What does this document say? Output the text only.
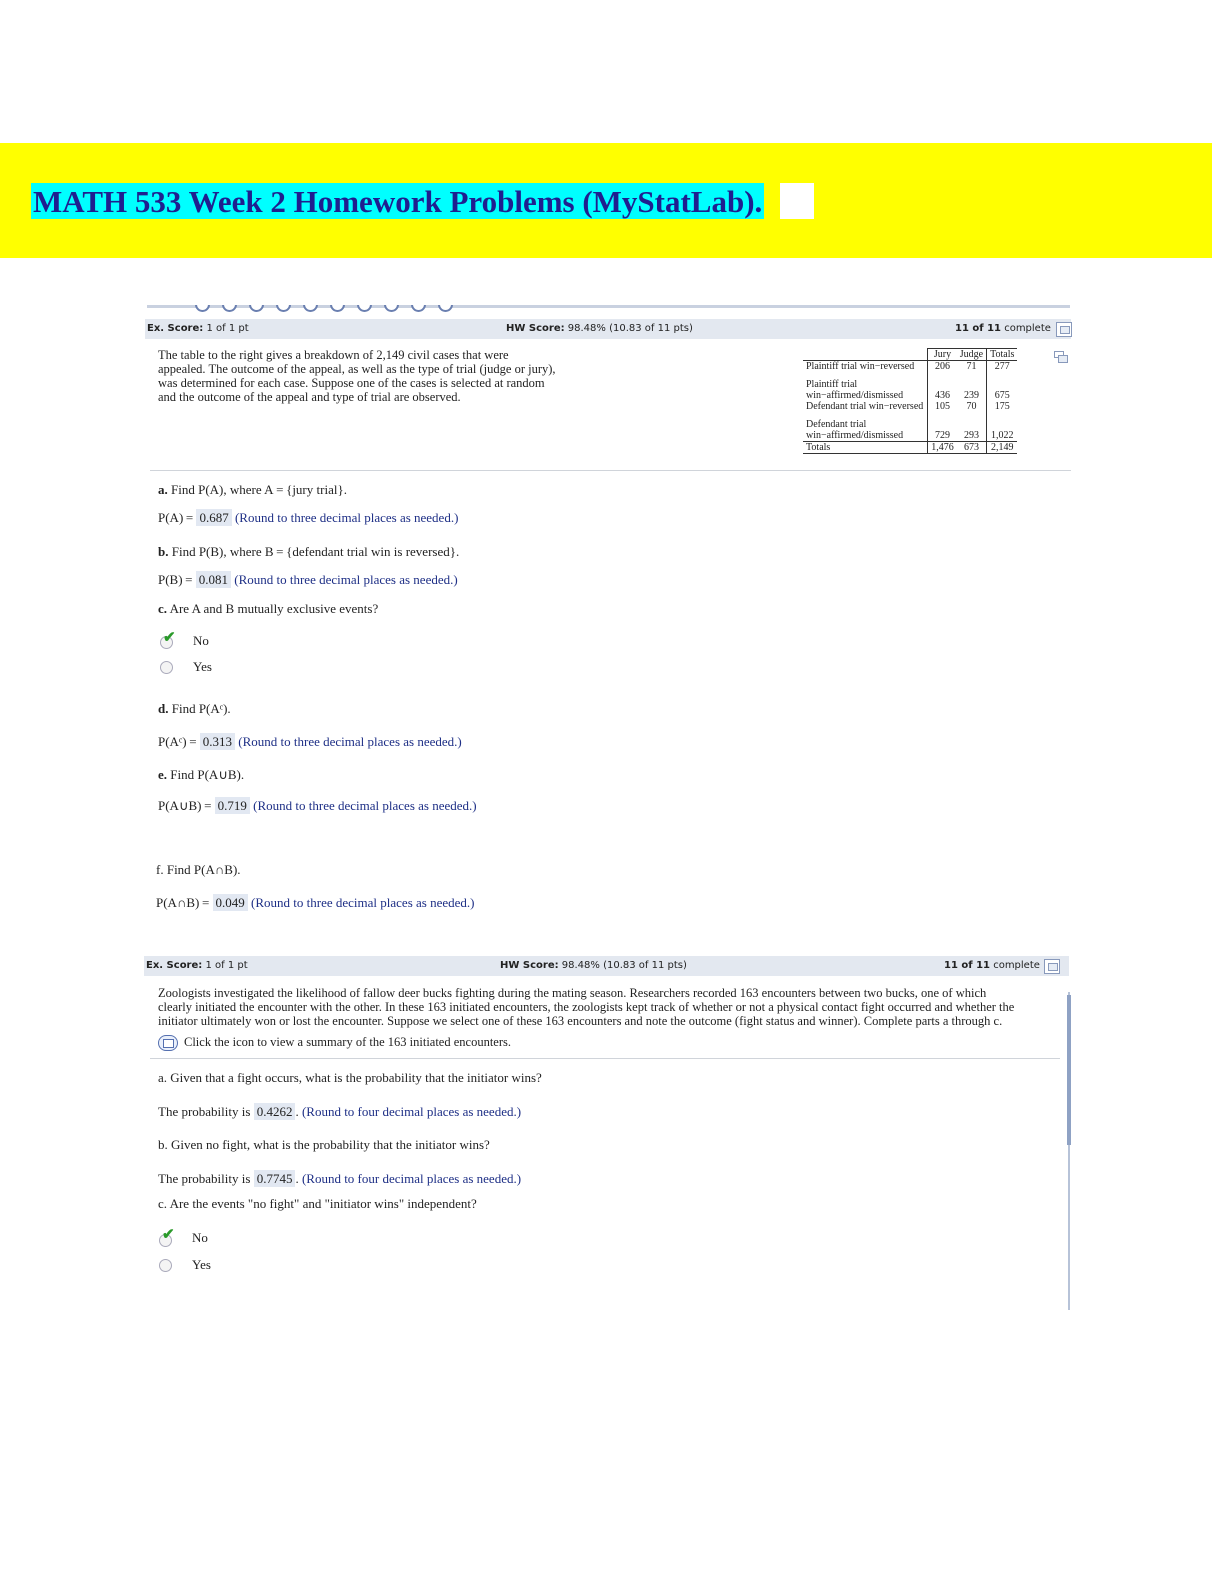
MATH 533 Week 2 Homework Problems (MyStatLab).
Ex. Score: 1 of 1 pt	HW Score: 98.48% (10.83 of 11 pts)	11 of 11 complete
The table to the right gives a breakdown of 2,149 civil cases that were
appealed. The outcome of the appeal, as well as the type of trial (judge or jury),
was determined for each case. Suppose one of the cases is selected at random
and the outcome of the appeal and type of trial are observed.
	Jury	Judge	Totals
Plaintiff trial win−reversed	206	71	277

Plaintiff trial
win−affirmed/dismissed	436	239	675
Defendant trial win−reversed	105	70	175

Defendant trial
win−affirmed/dismissed	729	293	1,022
Totals	1,476	673	2,149
a. Find P(A), where A = {jury trial}.
P(A) = 0.687 (Round to three decimal places as needed.)
b. Find P(B), where B = {defendant trial win is reversed}.
P(B) = 0.081 (Round to three decimal places as needed.)
c. Are A and B mutually exclusive events?
✔ No
Yes
d. Find P(Aᶜ).
P(Aᶜ) = 0.313 (Round to three decimal places as needed.)
e. Find P(A∪B).
P(A∪B) = 0.719 (Round to three decimal places as needed.)
f. Find P(A∩B).
P(A∩B) = 0.049 (Round to three decimal places as needed.)
Ex. Score: 1 of 1 pt	HW Score: 98.48% (10.83 of 11 pts)	11 of 11 complete
Zoologists investigated the likelihood of fallow deer bucks fighting during the mating season. Researchers recorded 163 encounters between two bucks, one of which
clearly initiated the encounter with the other. In these 163 initiated encounters, the zoologists kept track of whether or not a physical contact fight occurred and whether the
initiator ultimately won or lost the encounter. Suppose we select one of these 163 encounters and note the outcome (fight status and winner). Complete parts a through c.
Click the icon to view a summary of the 163 initiated encounters.
a. Given that a fight occurs, what is the probability that the initiator wins?
The probability is 0.4262 . (Round to four decimal places as needed.)
b. Given no fight, what is the probability that the initiator wins?
The probability is 0.7745 . (Round to four decimal places as needed.)
c. Are the events "no fight" and "initiator wins" independent?
✔ No
Yes
